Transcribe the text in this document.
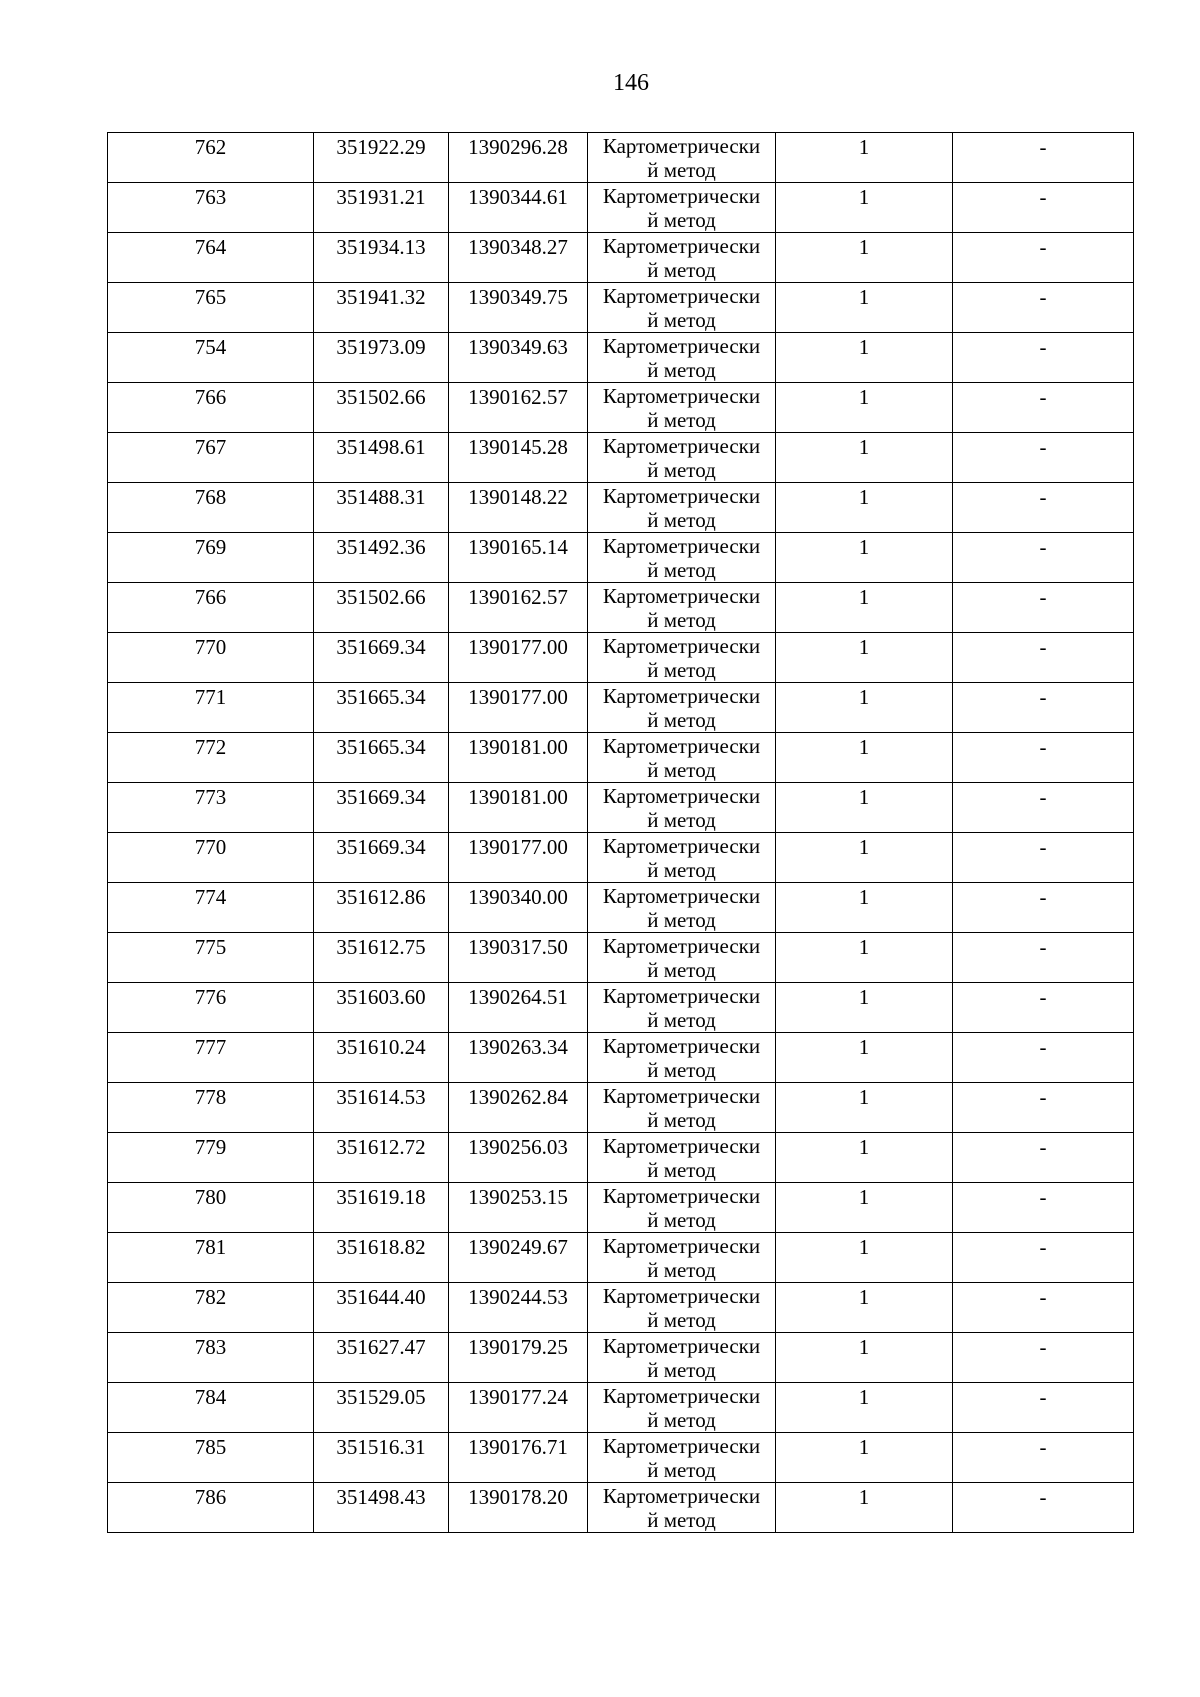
146
762	351922.29	1390296.28	Картометрически
й метод	1	-

763	351931.21	1390344.61	Картометрически
й метод	1	-

764	351934.13	1390348.27	Картометрически
й метод	1	-

765	351941.32	1390349.75	Картометрически
й метод	1	-

754	351973.09	1390349.63	Картометрически
й метод	1	-

766	351502.66	1390162.57	Картометрически
й метод	1	-

767	351498.61	1390145.28	Картометрически
й метод	1	-

768	351488.31	1390148.22	Картометрически
й метод	1	-

769	351492.36	1390165.14	Картометрически
й метод	1	-

766	351502.66	1390162.57	Картометрически
й метод	1	-

770	351669.34	1390177.00	Картометрически
й метод	1	-

771	351665.34	1390177.00	Картометрически
й метод	1	-

772	351665.34	1390181.00	Картометрически
й метод	1	-

773	351669.34	1390181.00	Картометрически
й метод	1	-

770	351669.34	1390177.00	Картометрически
й метод	1	-

774	351612.86	1390340.00	Картометрически
й метод	1	-

775	351612.75	1390317.50	Картометрически
й метод	1	-

776	351603.60	1390264.51	Картометрически
й метод	1	-

777	351610.24	1390263.34	Картометрически
й метод	1	-

778	351614.53	1390262.84	Картометрически
й метод	1	-

779	351612.72	1390256.03	Картометрически
й метод	1	-

780	351619.18	1390253.15	Картометрически
й метод	1	-

781	351618.82	1390249.67	Картометрически
й метод	1	-

782	351644.40	1390244.53	Картометрически
й метод	1	-

783	351627.47	1390179.25	Картометрически
й метод	1	-

784	351529.05	1390177.24	Картометрически
й метод	1	-

785	351516.31	1390176.71	Картометрически
й метод	1	-

786	351498.43	1390178.20	Картометрически
й метод	1	-
